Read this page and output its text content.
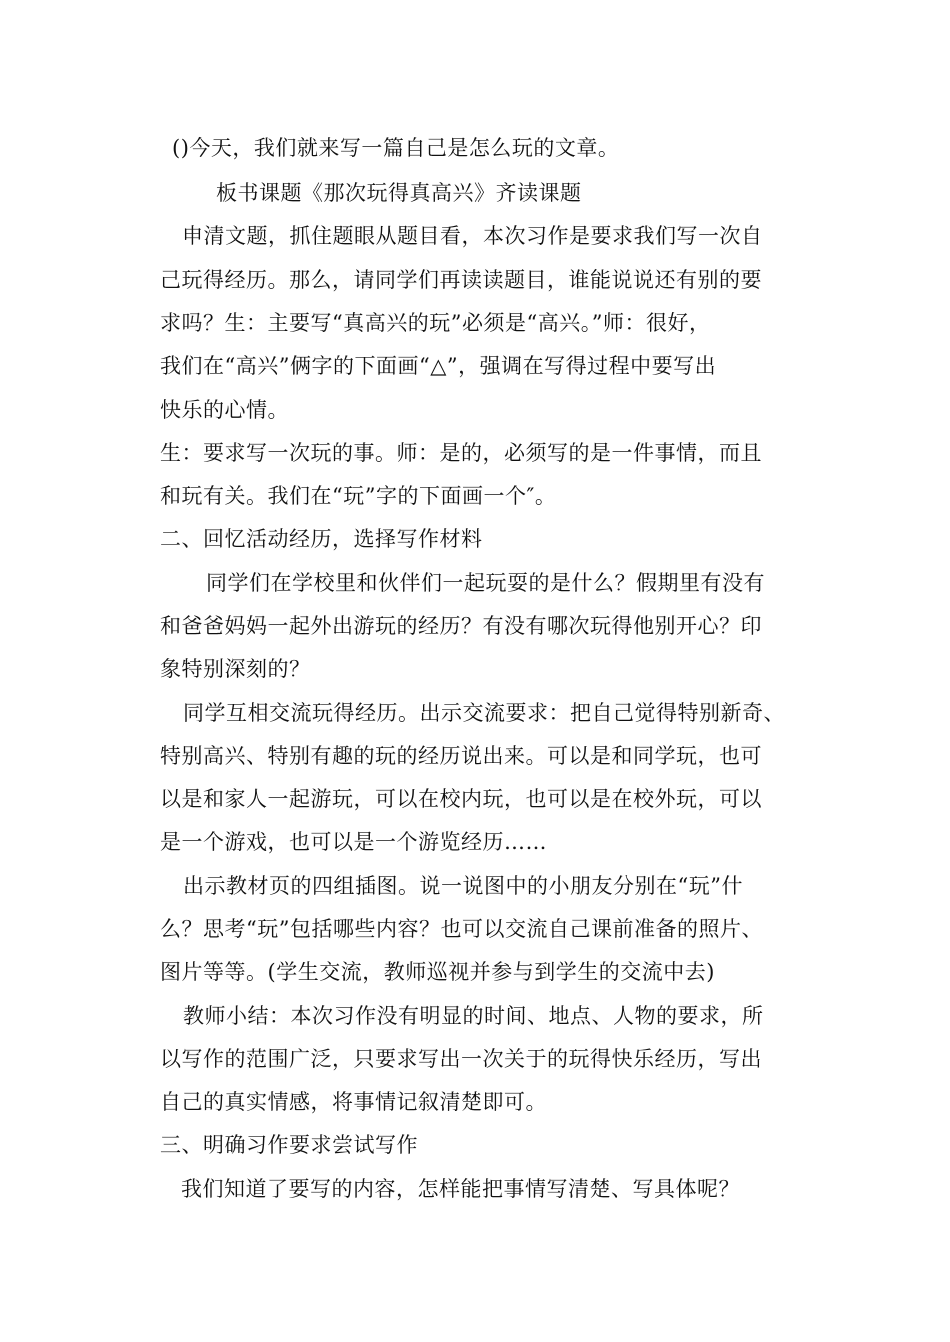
()今天，我们就来写一篇自己是怎么玩的文章。
板书课题《那次玩得真高兴》齐读课题
申清文题，抓住题眼从题目看，本次习作是要求我们写一次自
己玩得经历。那么，请同学们再读读题目，谁能说说还有别的要
求吗？生：主要写“真高兴的玩”必须是“高兴。”师：很好，
我们在“高兴”俩字的下面画“△”，强调在写得过程中要写出
快乐的心情。
生：要求写一次玩的事。师：是的，必须写的是一件事情，而且
和玩有关。我们在“玩”字的下面画一个″。
二、回忆活动经历，选择写作材料
同学们在学校里和伙伴们一起玩耍的是什么？假期里有没有
和爸爸妈妈一起外出游玩的经历？有没有哪次玩得他别开心？印
象特别深刻的？
同学互相交流玩得经历。出示交流要求：把自己觉得特别新奇、
特别高兴、特别有趣的玩的经历说出来。可以是和同学玩，也可
以是和家人一起游玩，可以在校内玩，也可以是在校外玩，可以
是一个游戏，也可以是一个游览经历……
出示教材页的四组插图。说一说图中的小朋友分别在“玩”什
么？思考“玩”包括哪些内容？也可以交流自己课前准备的照片、
图片等等。(学生交流，教师巡视并参与到学生的交流中去)
教师小结：本次习作没有明显的时间、地点、人物的要求，所
以写作的范围广泛，只要求写出一次关于的玩得快乐经历，写出
自己的真实情感，将事情记叙清楚即可。
三、明确习作要求尝试写作
我们知道了要写的内容，怎样能把事情写清楚、写具体呢？
